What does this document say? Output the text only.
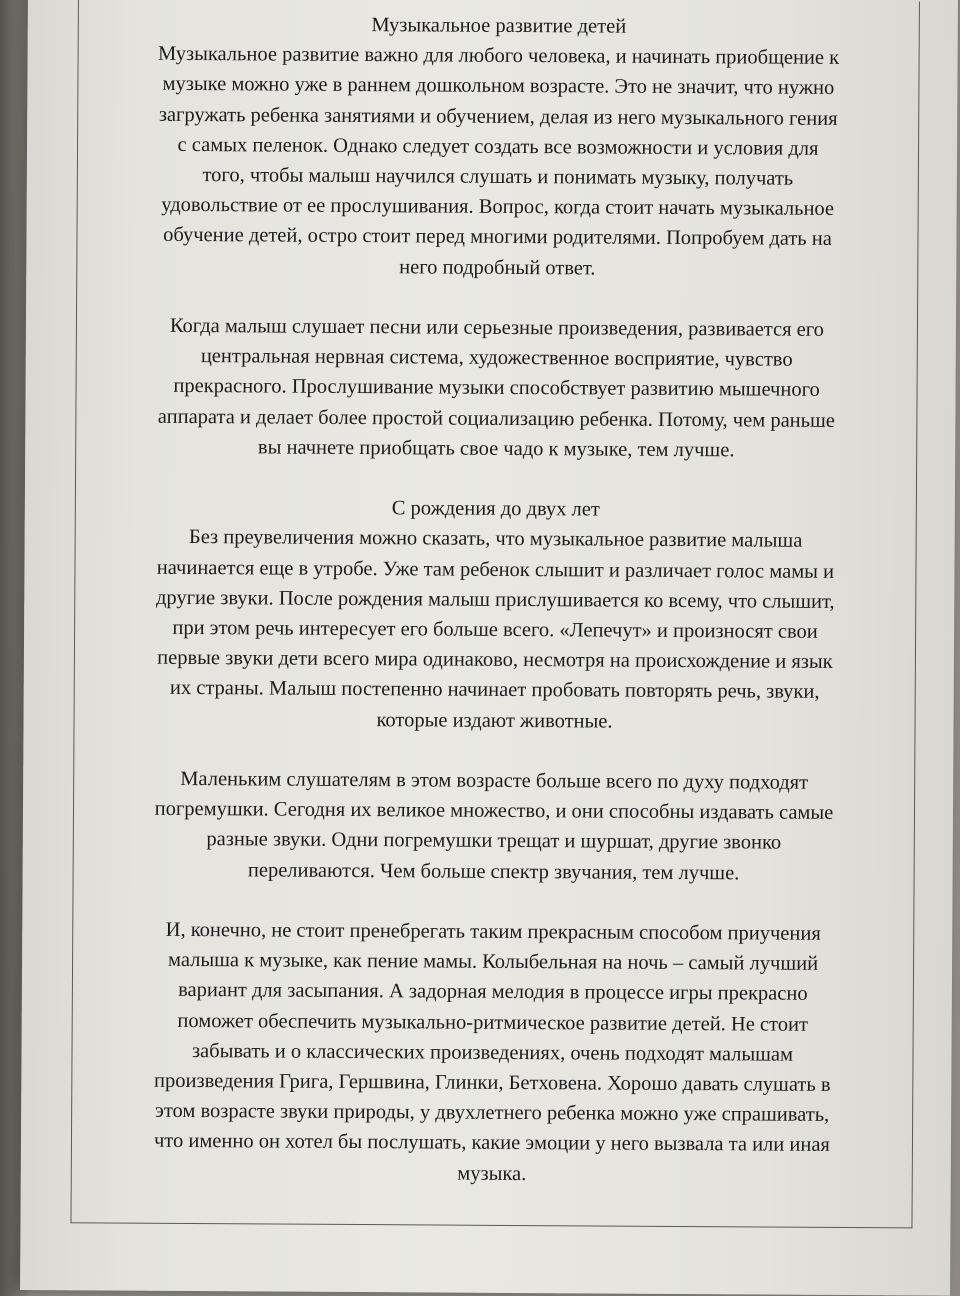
Музыкальное развитие детей
Музыкальное развитие важно для любого человека, и начинать приобщение к
музыке можно уже в раннем дошкольном возрасте. Это не значит, что нужно
загружать ребенка занятиями и обучением, делая из него музыкального гения
с самых пеленок. Однако следует создать все возможности и условия для
того, чтобы малыш научился слушать и понимать музыку, получать
удовольствие от ее прослушивания. Вопрос, когда стоит начать музыкальное
обучение детей, остро стоит перед многими родителями. Попробуем дать на
него подробный ответ.
Когда малыш слушает песни или серьезные произведения, развивается его
центральная нервная система, художественное восприятие, чувство
прекрасного. Прослушивание музыки способствует развитию мышечного
аппарата и делает более простой социализацию ребенка. Потому, чем раньше
вы начнете приобщать свое чадо к музыке, тем лучше.
С рождения до двух лет
Без преувеличения можно сказать, что музыкальное развитие малыша
начинается еще в утробе. Уже там ребенок слышит и различает голос мамы и
другие звуки. После рождения малыш прислушивается ко всему, что слышит,
при этом речь интересует его больше всего. «Лепечут» и произносят свои
первые звуки дети всего мира одинаково, несмотря на происхождение и язык
их страны. Малыш постепенно начинает пробовать повторять речь, звуки,
которые издают животные.
Маленьким слушателям в этом возрасте больше всего по духу подходят
погремушки. Сегодня их великое множество, и они способны издавать самые
разные звуки. Одни погремушки трещат и шуршат, другие звонко
переливаются. Чем больше спектр звучания, тем лучше.
И, конечно, не стоит пренебрегать таким прекрасным способом приучения
малыша к музыке, как пение мамы. Колыбельная на ночь – самый лучший
вариант для засыпания. А задорная мелодия в процессе игры прекрасно
поможет обеспечить музыкально-ритмическое развитие детей. Не стоит
забывать и о классических произведениях, очень подходят малышам
произведения Грига, Гершвина, Глинки, Бетховена. Хорошо давать слушать в
этом возрасте звуки природы, у двухлетнего ребенка можно уже спрашивать,
что именно он хотел бы послушать, какие эмоции у него вызвала та или иная
музыка.
